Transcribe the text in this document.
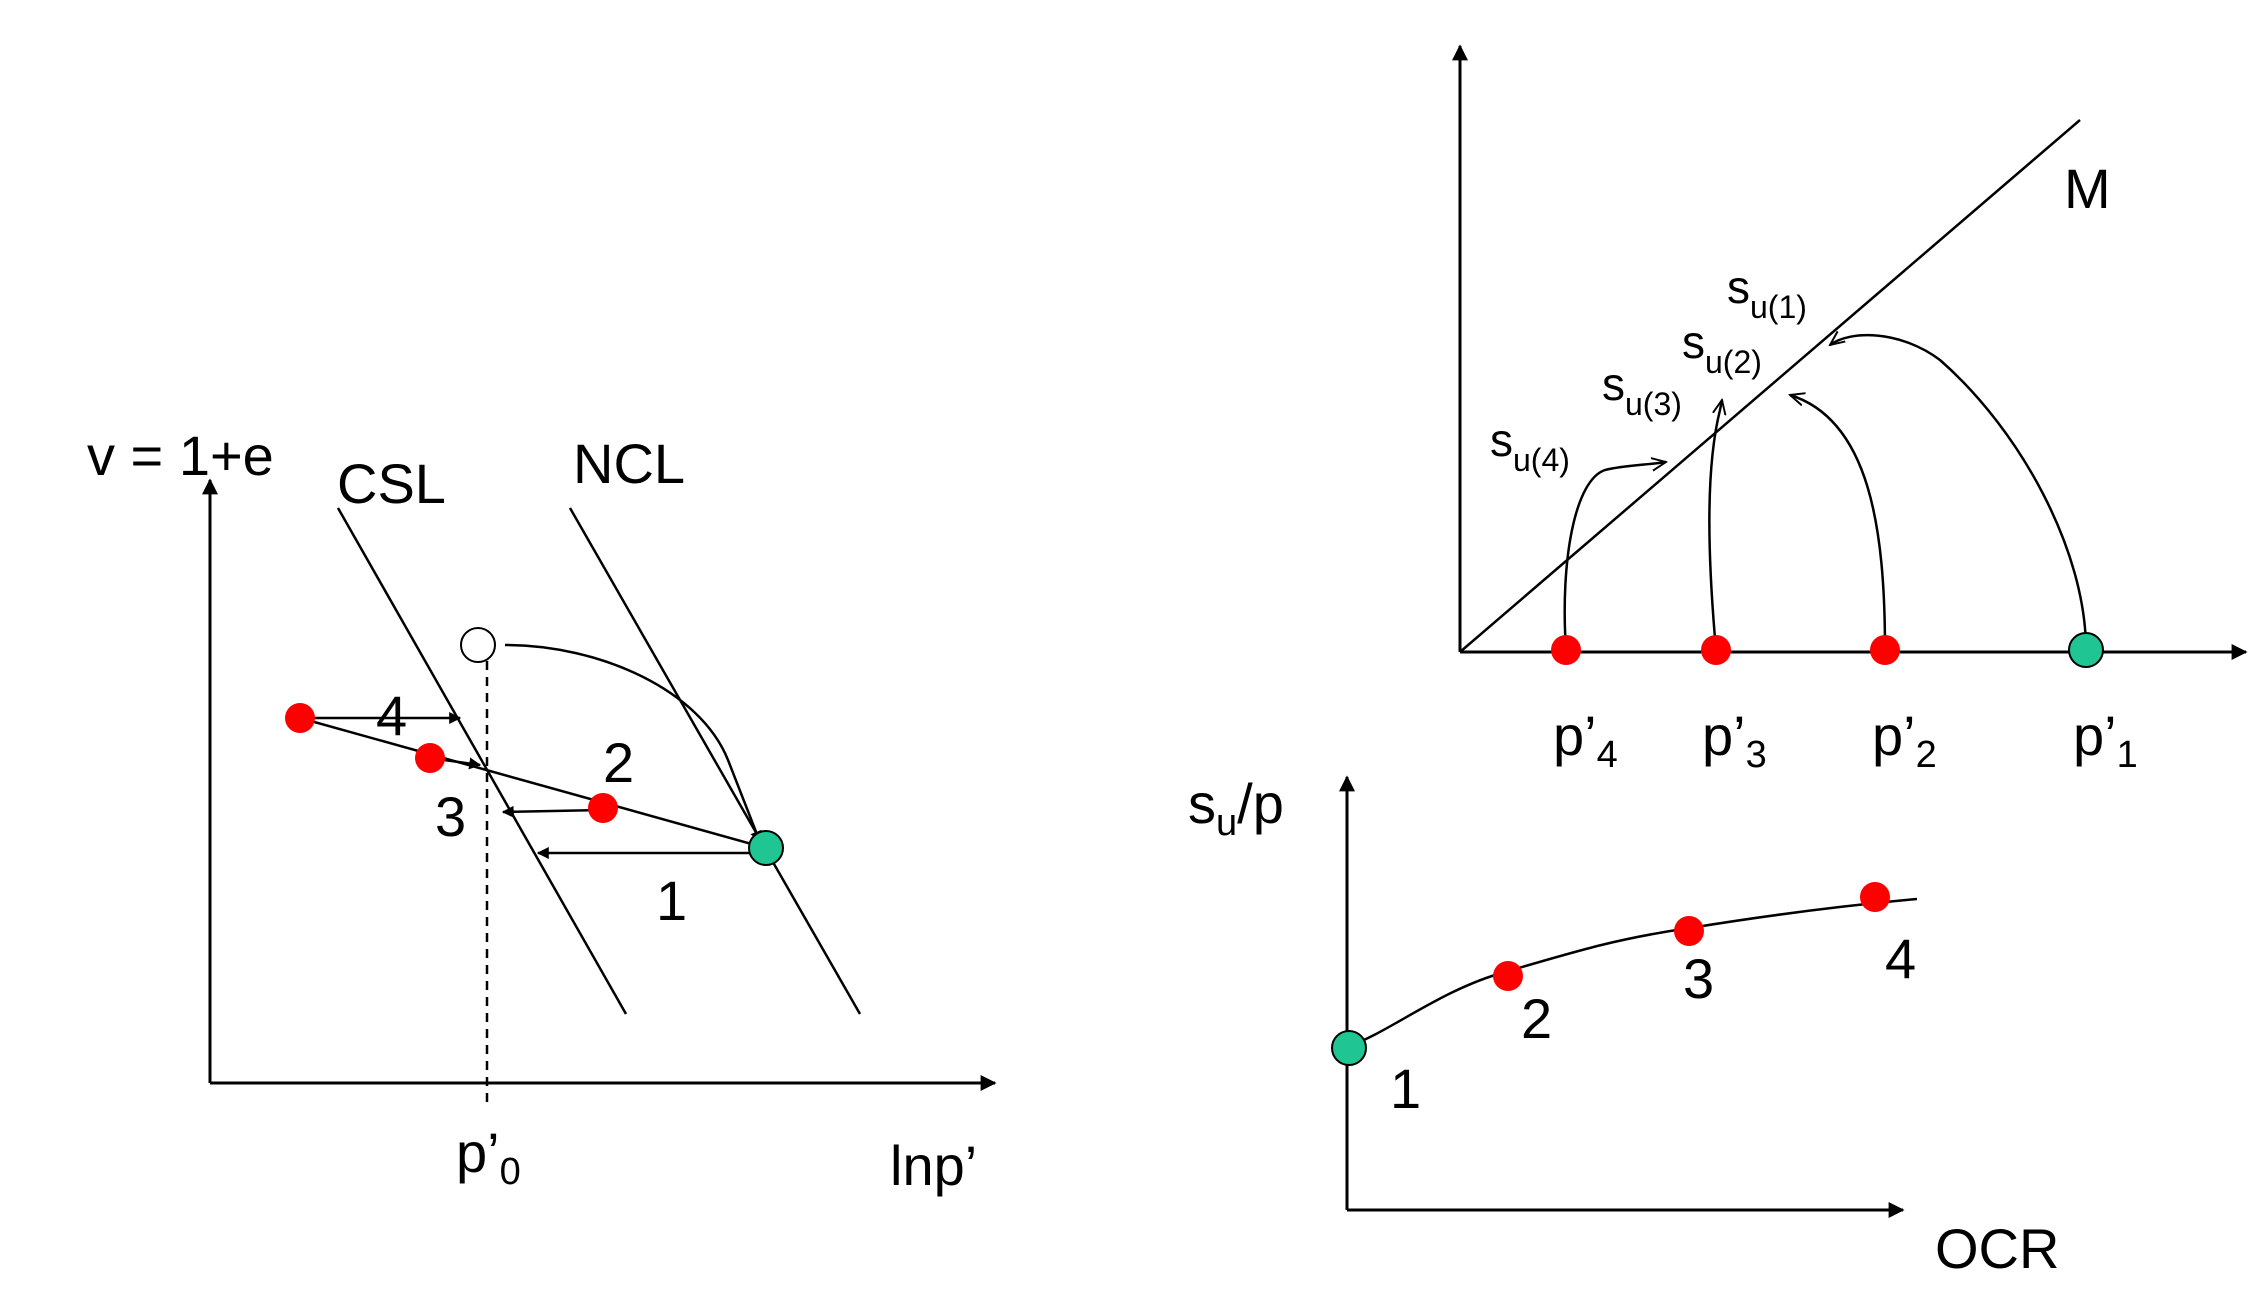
v = 1+e CSL NCL
4
2
3
1
$p’_0$	lnp’
M
$s_{u(1)}$
$s_{u(2)}$
$s_{u(3)}$
$s_{u(4)}$
$p’_4$ $p’_3$ $p’_2$ $p’_1$
$s_u/p$
1
2
3	4
OCR
